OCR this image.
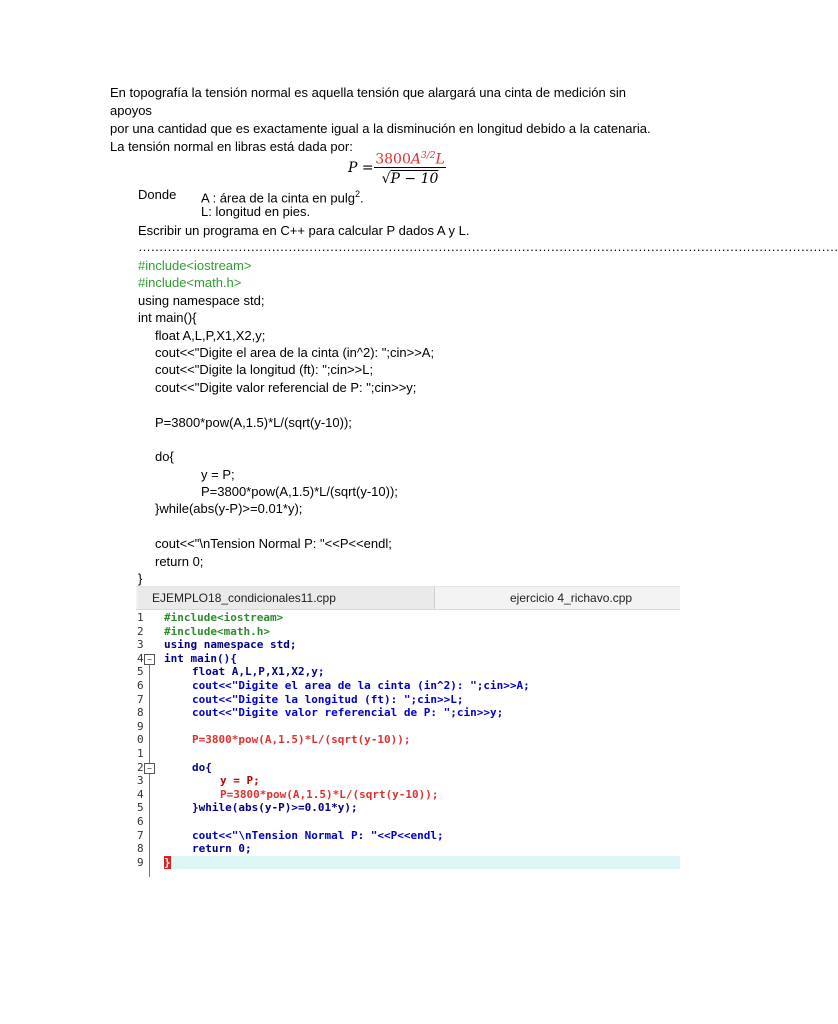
En topografía la tensión normal es aquella tensión que alargará una cinta de medición sin apoyos

por una cantidad que es exactamente igual a la disminución en longitud debido a la catenaria.

La tensión normal en libras está dada por:

P =
$3800A^{3/2}L$
√P − 10
Donde A : área de la cinta en pulg$^2$.
L: longitud en pies.
Escribir un programa en C++ para calcular P dados A y L.
……………………………………………………………………………………………………………………………………………………
#include<iostream>
#include<math.h>
using namespace std;
int main(){
float A,L,P,X1,X2,y;
cout<<"Digite el area de la cinta (in^2): ";cin>>A;
cout<<"Digite la longitud (ft): ";cin>>L;
cout<<"Digite valor referencial de P: ";cin>>y;
P=3800*pow(A,1.5)*L/(sqrt(y-10));
do{
y = P;
P=3800*pow(A,1.5)*L/(sqrt(y-10));
}while(abs(y-P)>=0.01*y);
cout<<"\nTension Normal P: "<<P<<endl;
return 0;
}
EJEMPLO18_condicionales11.cpp	ejercicio 4_richavo.cpp
1
2
3
4
5
6
7
8
9
0
1
2
3
4
5
6
7
8
9
−
−
#include<iostream>
#include<math.h>
using namespace std;
int main(){
float A,L,P,X1,X2,y;
cout<<"Digite el area de la cinta (in^2): ";cin>>A;
cout<<"Digite la longitud (ft): ";cin>>L;
cout<<"Digite valor referencial de P: ";cin>>y;
P=3800*pow(A,1.5)*L/(sqrt(y-10));
do{
y = P;
P=3800*pow(A,1.5)*L/(sqrt(y-10));
}while(abs(y-P)>=0.01*y);
cout<<"\nTension Normal P: "<<P<<endl;
return 0;
}
